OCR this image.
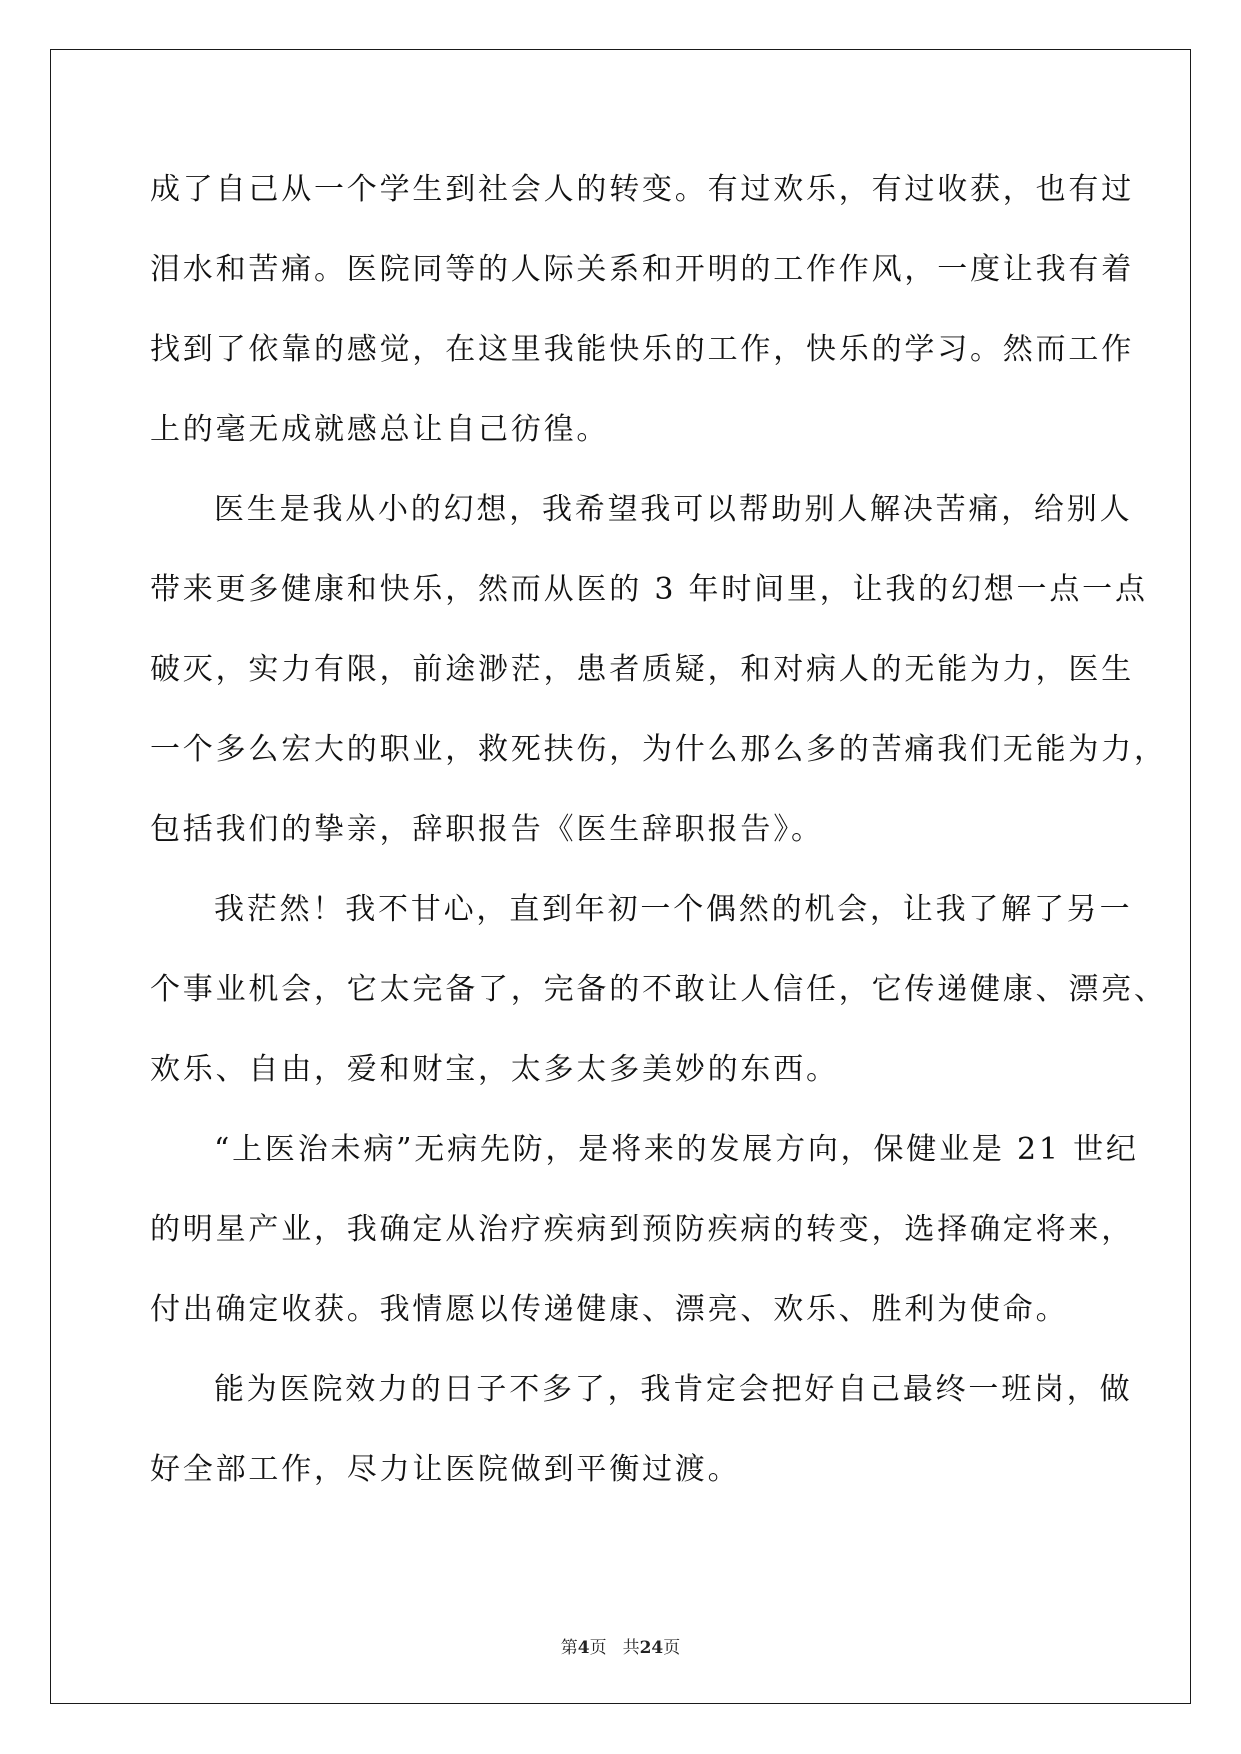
成了自己从一个学生到社会人的转变。有过欢乐，有过收获，也有过
泪水和苦痛。医院同等的人际关系和开明的工作作风，一度让我有着
找到了依靠的感觉，在这里我能快乐的工作，快乐的学习。然而工作
上的毫无成就感总让自己彷徨。
医生是我从小的幻想，我希望我可以帮助别人解决苦痛，给别人
带来更多健康和快乐，然而从医的 3 年时间里，让我的幻想一点一点
破灭，实力有限，前途渺茫，患者质疑，和对病人的无能为力，医生
一个多么宏大的职业，救死扶伤，为什么那么多的苦痛我们无能为力，
包括我们的挚亲，辞职报告《医生辞职报告》。
我茫然！我不甘心，直到年初一个偶然的机会，让我了解了另一
个事业机会，它太完备了，完备的不敢让人信任，它传递健康、漂亮、
欢乐、自由，爱和财宝，太多太多美妙的东西。
“上医治未病”无病先防，是将来的发展方向，保健业是 21 世纪
的明星产业，我确定从治疗疾病到预防疾病的转变，选择确定将来，
付出确定收获。我情愿以传递健康、漂亮、欢乐、胜利为使命。
能为医院效力的日子不多了，我肯定会把好自己最终一班岗，做
好全部工作，尽力让医院做到平衡过渡。
第4页 共24页
